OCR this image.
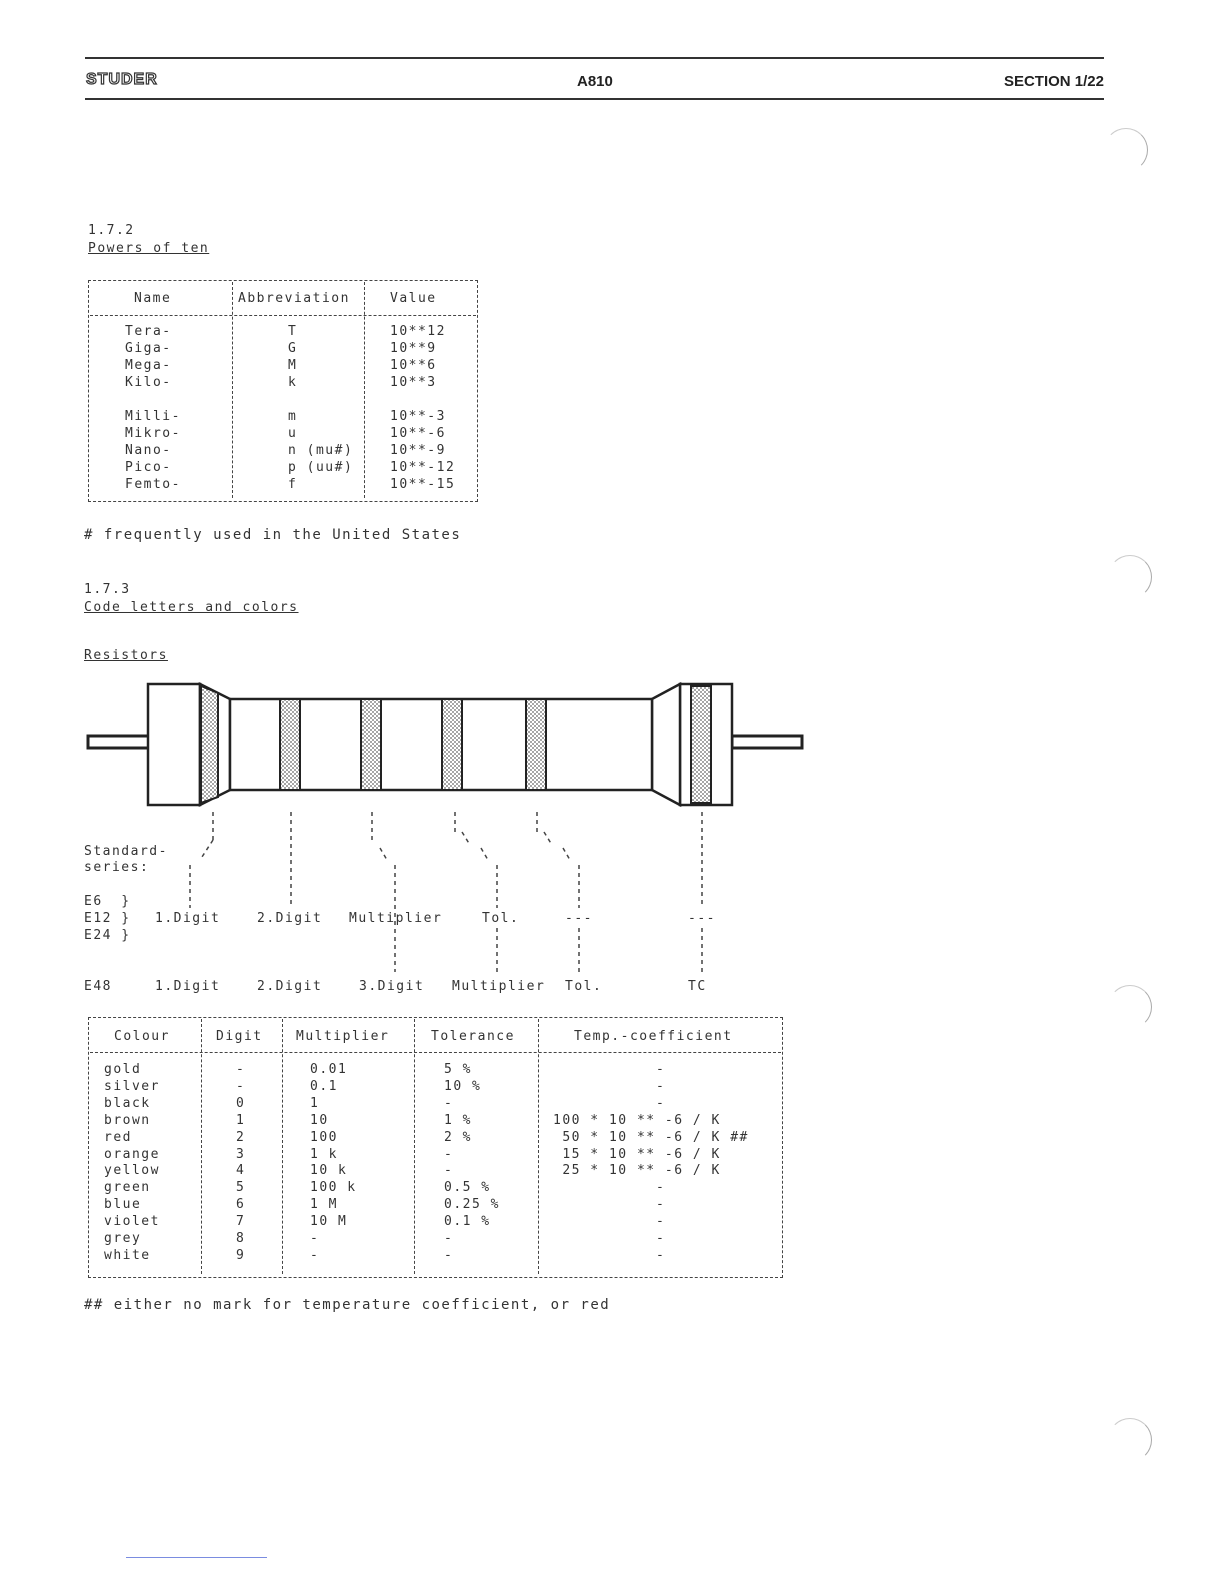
STUDER	A810	SECTION 1/22
1.7.2
Powers of ten
Name	Abbreviation	Value
Tera-	T	10**12
Giga-	G	10**9
Mega-	M	10**6
Kilo-	k	10**3
Milli-	m	10**-3
Mikro-	u	10**-6
Nano-	n (mu#)	10**-9
Pico-	p (uu#)	10**-12
Femto-	f	10**-15
# frequently used in the United States
1.7.3
Code letters and colors
Resistors
Standard-
series:
E6  }
E12 }
E24 }
1.Digit	2.Digit Multiplier	Tol.	---	---
E48	1.Digit	2.Digit	3.Digit Multiplier Tol.	TC
Colour	Digit	Multiplier	Tolerance	Temp.-coefficient
gold	-	0.01	5 %	-
silver	-	0.1	10 %	-
black	0	1	-	-
brown	1	10	1 %	100 * 10 ** -6 / K
red	2	100	2 %	50 * 10 ** -6 / K ##
orange	3	1 k	-	15 * 10 ** -6 / K
yellow	4	10 k	-	25 * 10 ** -6 / K
green	5	100 k	0.5 %	-
blue	6	1 M	0.25 %	-
violet	7	10 M	0.1 %	-
grey	8	-	-	-
white	9	-	-	-
## either no mark for temperature coefficient, or red
